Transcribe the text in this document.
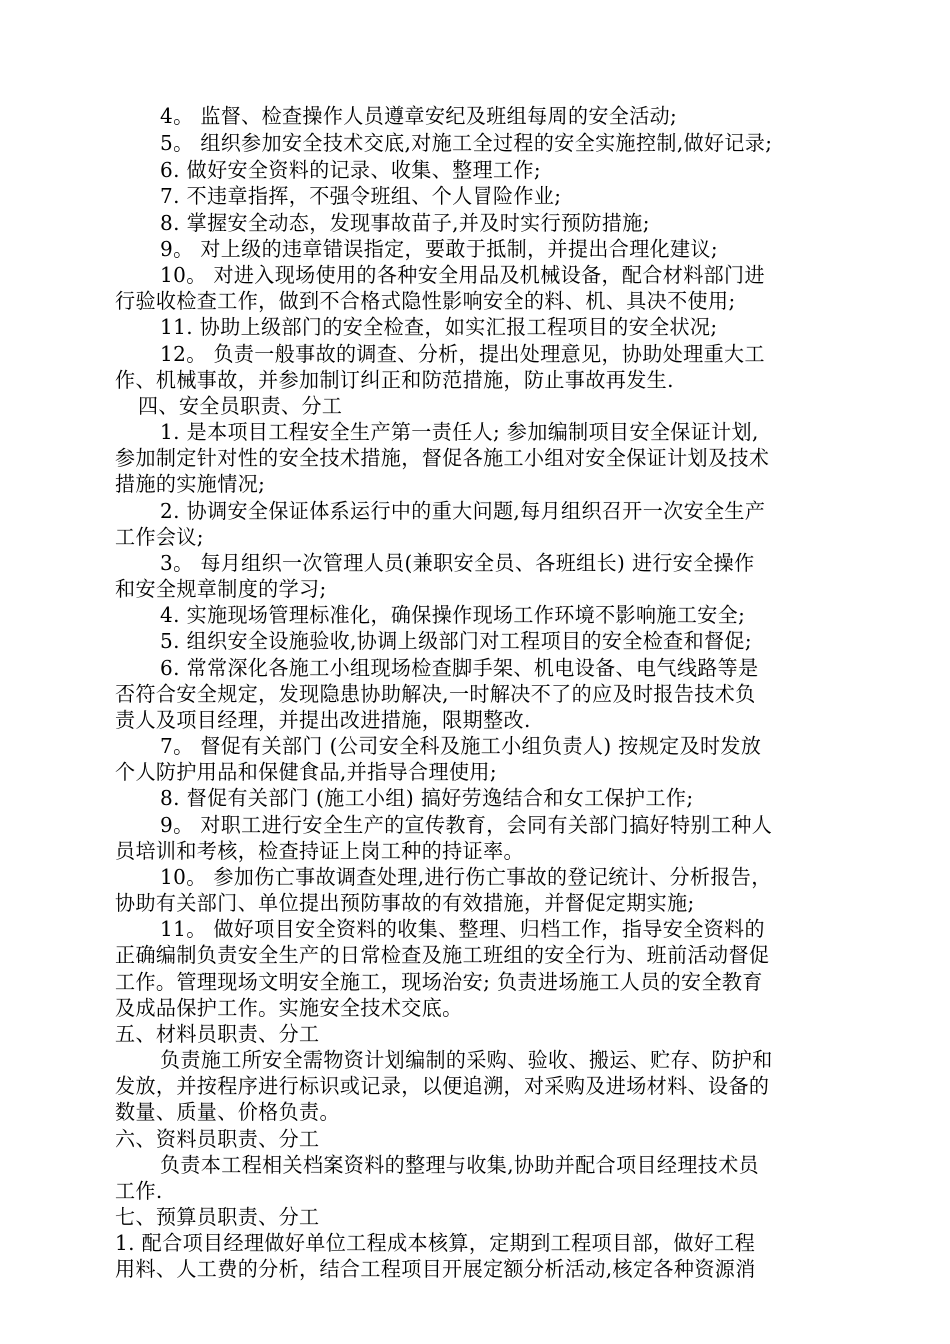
4。 监督、检查操作人员遵章安纪及班组每周的安全活动;
5。 组织参加安全技术交底,对施工全过程的安全实施控制,做好记录;
6. 做好安全资料的记录、收集、整理工作;
7. 不违章指挥，不强令班组、个人冒险作业;
8. 掌握安全动态，发现事故苗子,并及时实行预防措施;
9。 对上级的违章错误指定，要敢于抵制，并提出合理化建议;
10。 对进入现场使用的各种安全用品及机械设备，配合材料部门进
行验收检查工作，做到不合格式隐性影响安全的料、机、具决不使用;
11. 协助上级部门的安全检查，如实汇报工程项目的安全状况;
12。 负责一般事故的调查、分析，提出处理意见，协助处理重大工
作、机械事故，并参加制订纠正和防范措施，防止事故再发生.
四、安全员职责、分工
1. 是本项目工程安全生产第一责任人; 参加编制项目安全保证计划,
参加制定针对性的安全技术措施，督促各施工小组对安全保证计划及技术
措施的实施情况;
2. 协调安全保证体系运行中的重大问题,每月组织召开一次安全生产
工作会议;
3。 每月组织一次管理人员(兼职安全员、各班组长) 进行安全操作
和安全规章制度的学习;
4. 实施现场管理标准化，确保操作现场工作环境不影响施工安全;
5. 组织安全设施验收,协调上级部门对工程项目的安全检查和督促;
6. 常常深化各施工小组现场检查脚手架、机电设备、电气线路等是
否符合安全规定，发现隐患协助解决,一时解决不了的应及时报告技术负
责人及项目经理，并提出改进措施，限期整改.
7。 督促有关部门 (公司安全科及施工小组负责人) 按规定及时发放
个人防护用品和保健食品,并指导合理使用;
8. 督促有关部门 (施工小组) 搞好劳逸结合和女工保护工作;
9。 对职工进行安全生产的宣传教育，会同有关部门搞好特别工种人
员培训和考核，检查持证上岗工种的持证率。
10。 参加伤亡事故调查处理,进行伤亡事故的登记统计、分析报告，
协助有关部门、单位提出预防事故的有效措施，并督促定期实施;
11。 做好项目安全资料的收集、整理、归档工作，指导安全资料的
正确编制负责安全生产的日常检查及施工班组的安全行为、班前活动督促
工作。管理现场文明安全施工，现场治安; 负责进场施工人员的安全教育
及成品保护工作。实施安全技术交底。
五、材料员职责、分工
负责施工所安全需物资计划编制的采购、验收、搬运、贮存、防护和
发放，并按程序进行标识或记录，以便追溯，对采购及进场材料、设备的
数量、质量、价格负责。
六、资料员职责、分工
负责本工程相关档案资料的整理与收集,协助并配合项目经理技术员
工作.
七、预算员职责、分工
1. 配合项目经理做好单位工程成本核算，定期到工程项目部，做好工程
用料、人工费的分析，结合工程项目开展定额分析活动,核定各种资源消
